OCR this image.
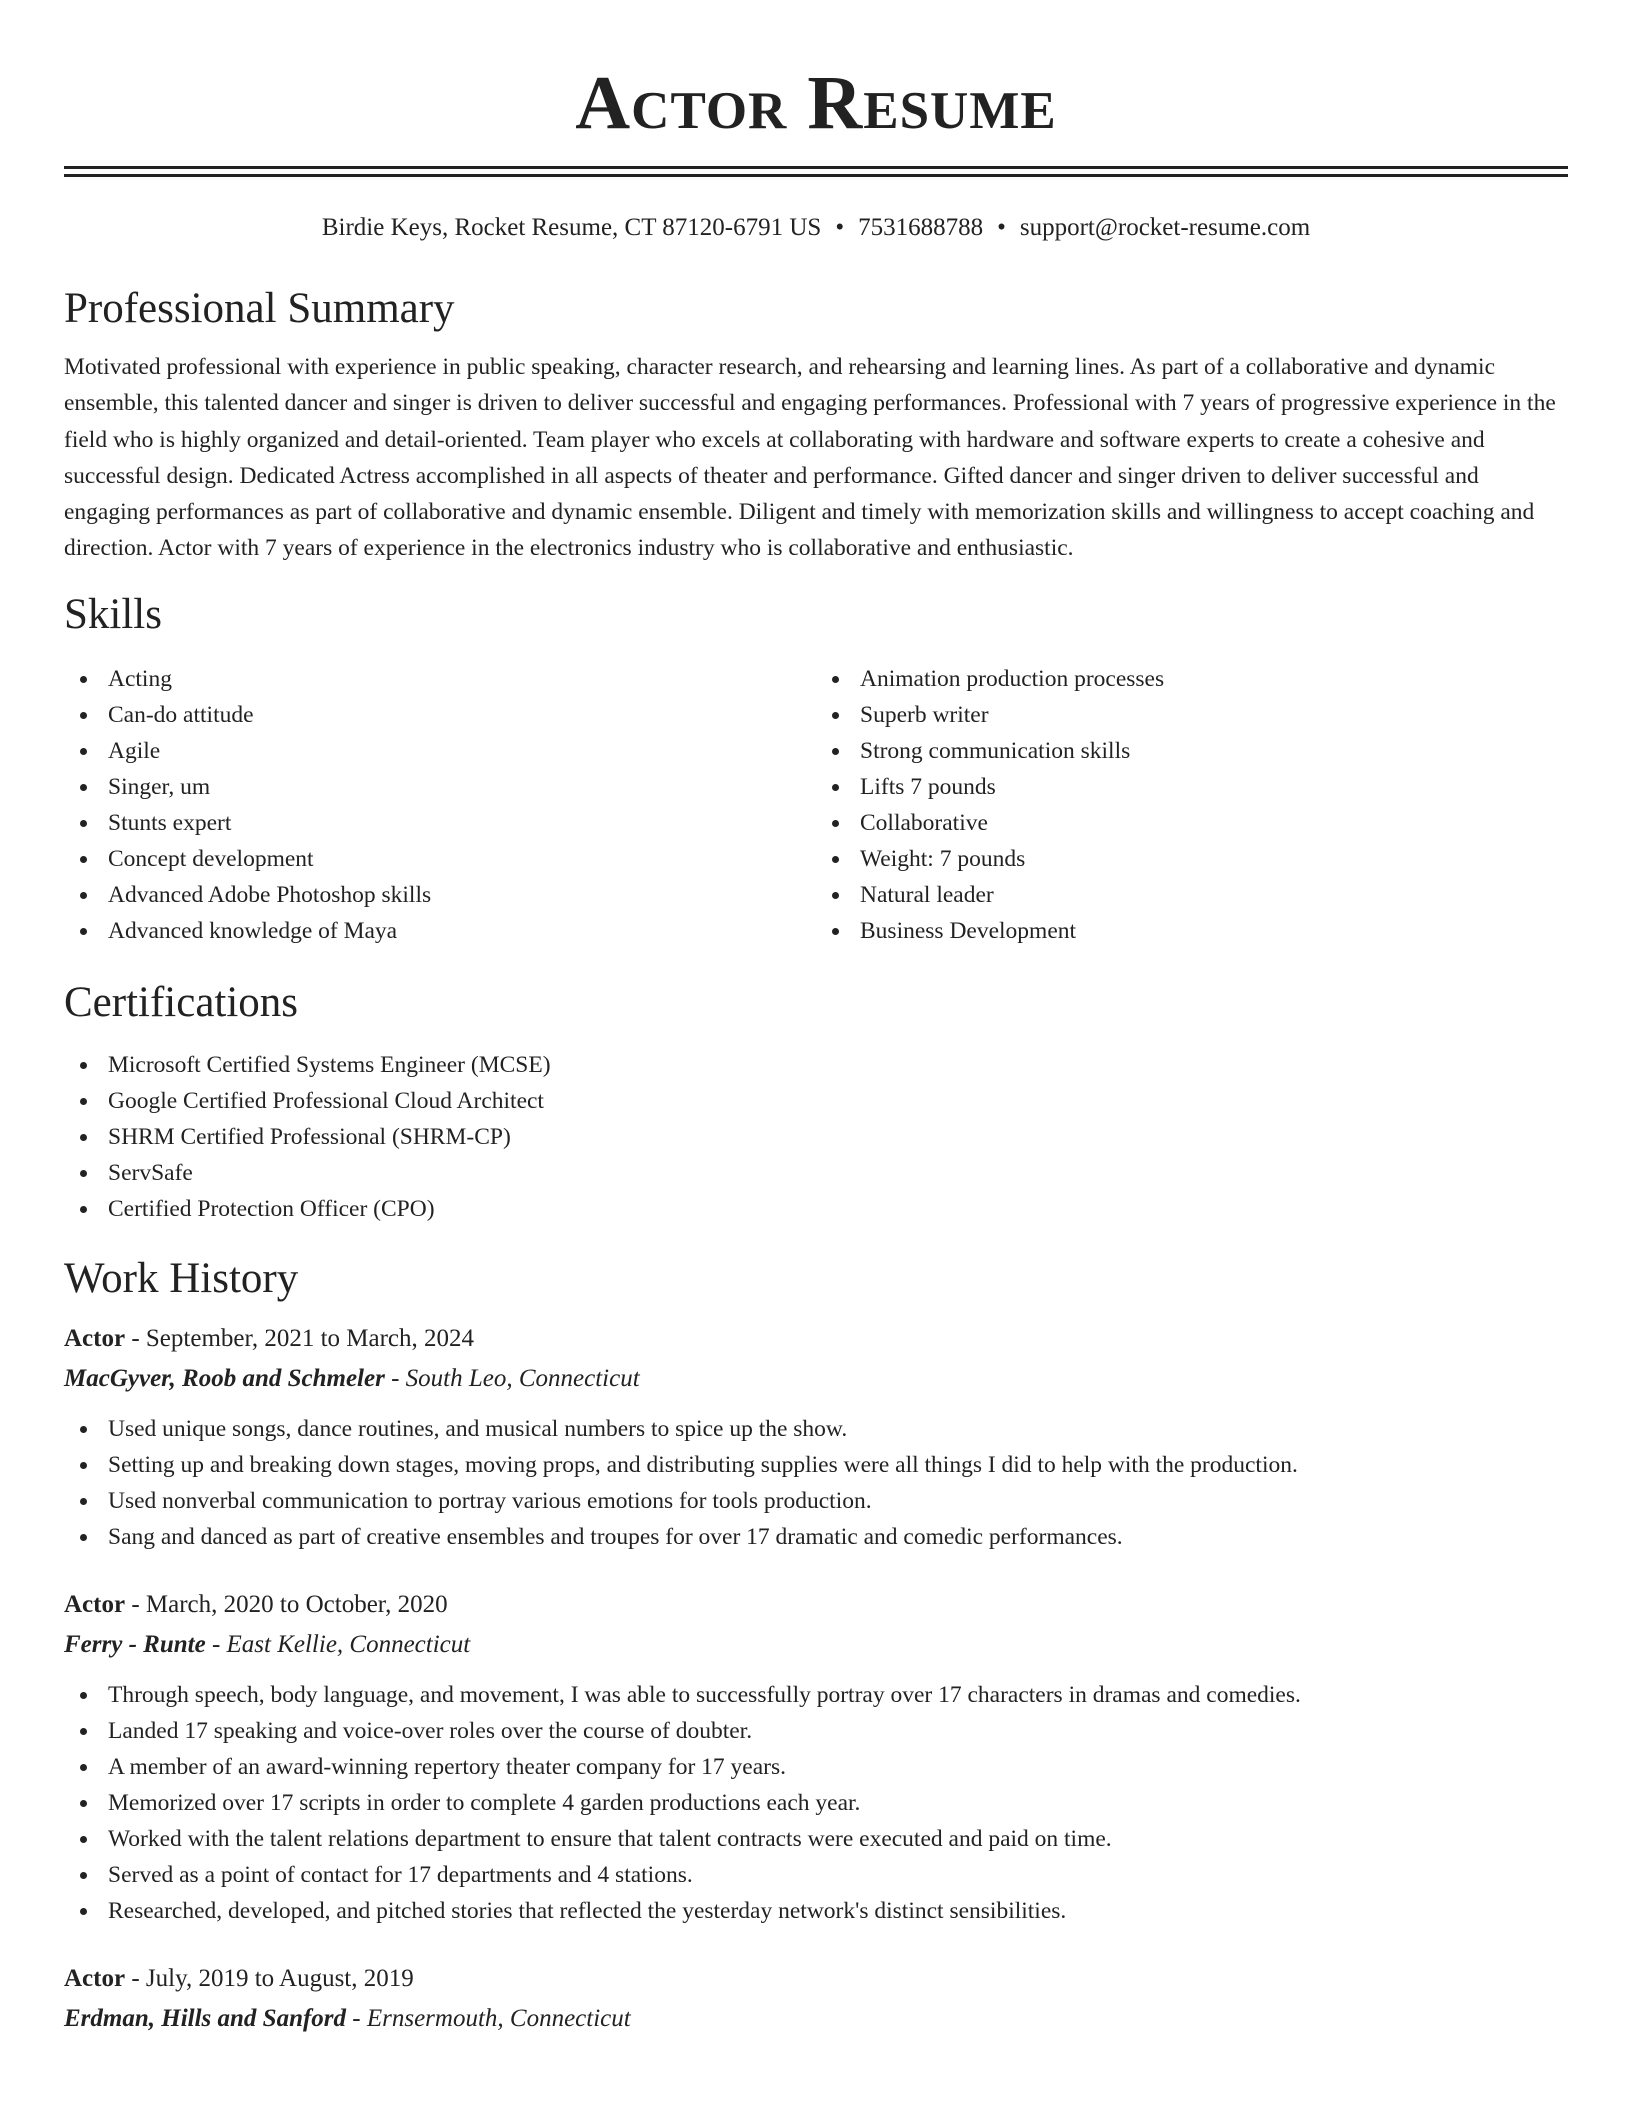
Actor Resume
Birdie Keys, Rocket Resume, CT 87120-6791 US • 7531688788 • support@rocket-resume.com
Professional Summary

Motivated professional with experience in public speaking, character research, and rehearsing and learning lines. As part of a collaborative and dynamic ensemble, this talented dancer and singer is driven to deliver successful and engaging performances. Professional with 7 years of progressive experience in the field who is highly organized and detail-oriented. Team player who excels at collaborating with hardware and software experts to create a cohesive and successful design. Dedicated Actress accomplished in all aspects of theater and performance. Gifted dancer and singer driven to deliver successful and engaging performances as part of collaborative and dynamic ensemble. Diligent and timely with memorization skills and willingness to accept coaching and direction. Actor with 7 years of experience in the electronics industry who is collaborative and enthusiastic.

Skills
Acting
Can-do attitude
Agile
Singer, um
Stunts expert
Concept development
Advanced Adobe Photoshop skills
Advanced knowledge of Maya
Animation production processes
Superb writer
Strong communication skills
Lifts 7 pounds
Collaborative
Weight: 7 pounds
Natural leader
Business Development
Certifications
Microsoft Certified Systems Engineer (MCSE)
Google Certified Professional Cloud Architect
SHRM Certified Professional (SHRM-CP)
ServSafe
Certified Protection Officer (CPO)
Work History
Actor - September, 2021 to March, 2024
MacGyver, Roob and Schmeler - South Leo, Connecticut
Used unique songs, dance routines, and musical numbers to spice up the show.
Setting up and breaking down stages, moving props, and distributing supplies were all things I did to help with the production.
Used nonverbal communication to portray various emotions for tools production.
Sang and danced as part of creative ensembles and troupes for over 17 dramatic and comedic performances.
Actor - March, 2020 to October, 2020
Ferry - Runte - East Kellie, Connecticut
Through speech, body language, and movement, I was able to successfully portray over 17 characters in dramas and comedies.
Landed 17 speaking and voice-over roles over the course of doubter.
A member of an award-winning repertory theater company for 17 years.
Memorized over 17 scripts in order to complete 4 garden productions each year.
Worked with the talent relations department to ensure that talent contracts were executed and paid on time.
Served as a point of contact for 17 departments and 4 stations.
Researched, developed, and pitched stories that reflected the yesterday network's distinct sensibilities.
Actor - July, 2019 to August, 2019
Erdman, Hills and Sanford - Ernsermouth, Connecticut
